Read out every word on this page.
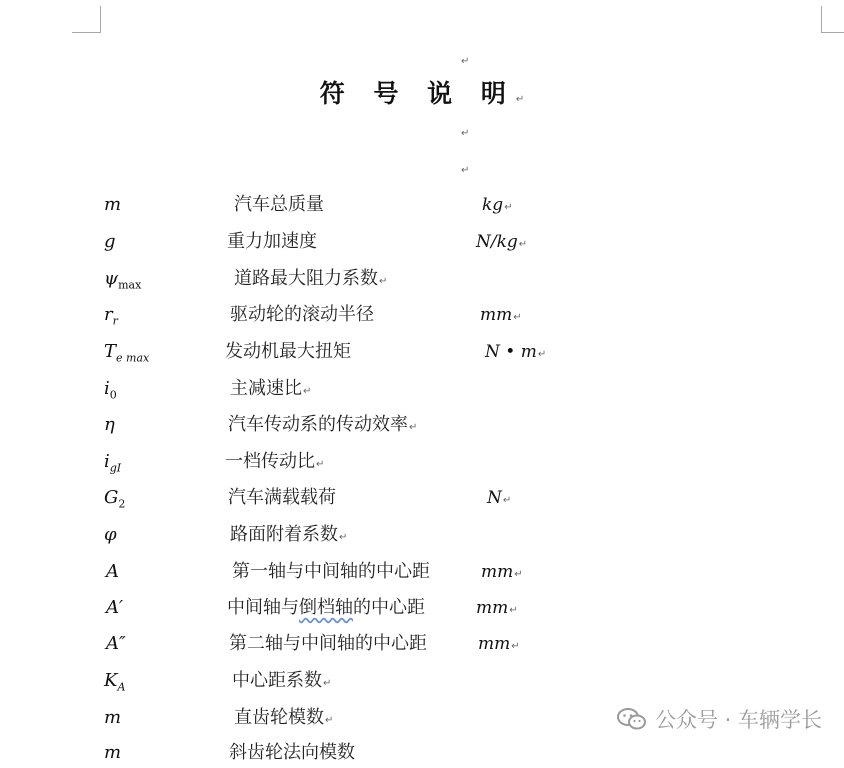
↵
符 号 说 明↵
↵
↵
m	汽车总质量	kg↵
g	重力加速度	N/kg↵
$\psi_{max}$	道路最大阻力系数↵
$r_r$	驱动轮的滚动半径	mm↵
$T_{e max}$	发动机最大扭矩	N • m↵
$i_0$	主减速比↵
η	汽车传动系的传动效率↵
$i_{gI}$	一档传动比↵
$G_2$	汽车满载载荷	N↵
φ	路面附着系数↵
A	第一轴与中间轴的中心距	mm↵
A′	中间轴与倒档轴的中心距	mm↵
A″	第二轴与中间轴的中心距	mm↵
$K_A$	中心距系数↵
m	直齿轮模数↵
m	斜齿轮法向模数
公众号 · 车辆学长
